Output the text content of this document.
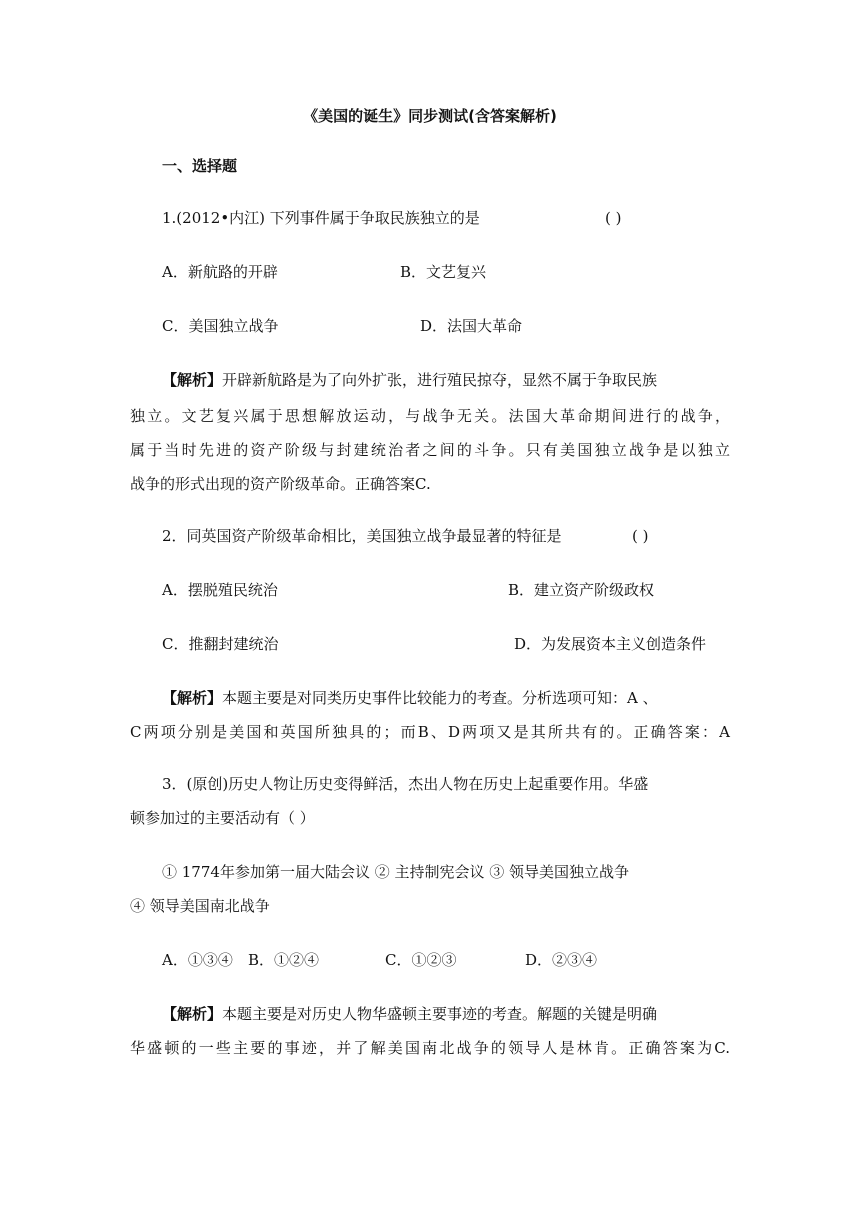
《美国的诞生》同步测试(含答案解析)
一、选择题
1.(2012•内江) 下列事件属于争取民族独立的是	( )
A．新航路的开辟	B．文艺复兴
C．美国独立战争	D．法国大革命
【解析】开辟新航路是为了向外扩张，进行殖民掠夺，显然不属于争取民族
独立。文艺复兴属于思想解放运动，与战争无关。法国大革命期间进行的战争，
属于当时先进的资产阶级与封建统治者之间的斗争。只有美国独立战争是以独立
战争的形式出现的资产阶级革命。正确答案C.
2．同英国资产阶级革命相比，美国独立战争最显著的特征是	( )
A．摆脱殖民统治	B．建立资产阶级政权
C．推翻封建统治	D．为发展资本主义创造条件
【解析】本题主要是对同类历史事件比较能力的考查。分析选项可知：A 、
C两项分别是美国和英国所独具的；而B、D两项又是其所共有的。正确答案：A
3．(原创)历史人物让历史变得鲜活，杰出人物在历史上起重要作用。华盛
顿参加过的主要活动有（ ）
① 1774年参加第一届大陆会议 ② 主持制宪会议 ③ 领导美国独立战争
④ 领导美国南北战争
A．①③④ B．①②④	C．①②③	D．②③④
【解析】本题主要是对历史人物华盛顿主要事迹的考查。解题的关键是明确
华盛顿的一些主要的事迹，并了解美国南北战争的领导人是林肯。正确答案为C.
